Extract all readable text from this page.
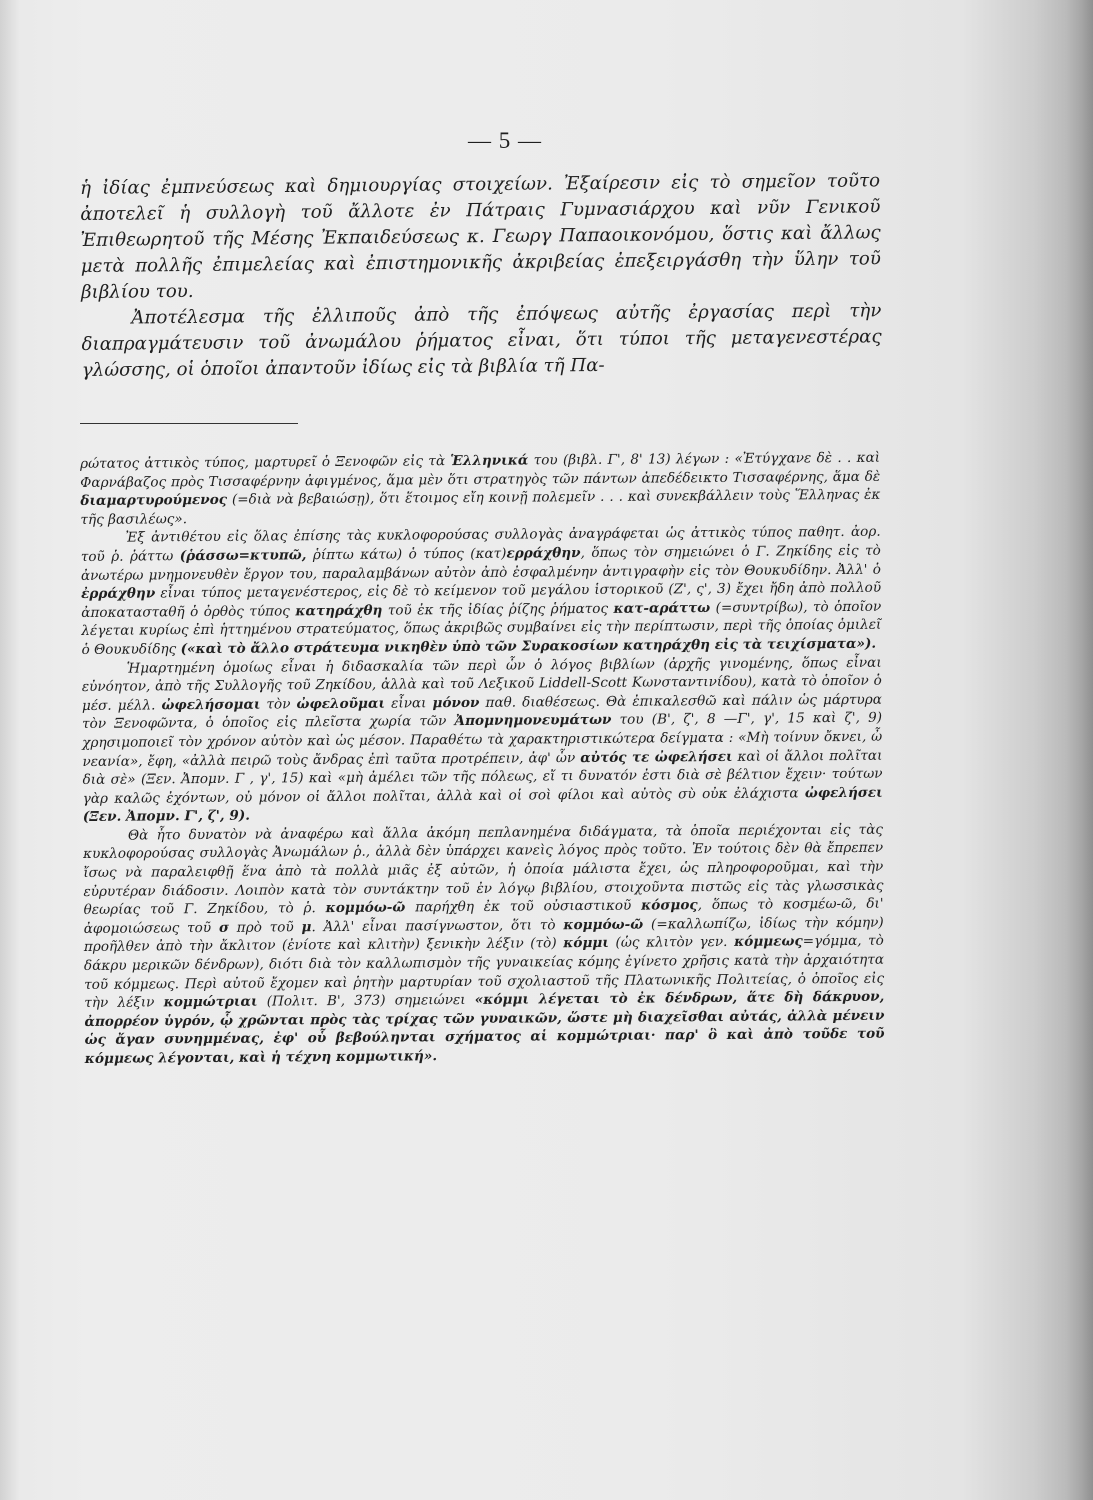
— 5 —

ἡ ἰδίας ἐμπνεύσεως καὶ δημιουργίας στοιχείων. Ἐξαίρεσιν εἰς τὸ σημεῖον τοῦτο ἀποτελεῖ ἡ συλλογὴ τοῦ ἄλλοτε ἐν Πάτραις Γυμνασιάρχου καὶ νῦν Γενικοῦ Ἐπιθεωρητοῦ τῆς Μέσης Ἐκπαιδεύσεως κ. Γεωργ Παπαοικονόμου, ὅστις καὶ ἄλλως μετὰ πολλῆς ἐπιμελείας καὶ ἐπιστημονικῆς ἀκριβείας ἐπεξειργάσθη τὴν ὕλην τοῦ βιβλίου του.

Ἀποτέλεσμα τῆς ἐλλιποῦς ἀπὸ τῆς ἐπόψεως αὐτῆς ἐργασίας περὶ τὴν διαπραγμάτευσιν τοῦ ἀνωμάλου ῥήματος εἶναι, ὅτι τύποι τῆς μεταγενεστέρας γλώσσης, οἱ ὁποῖοι ἀπαντοῦν ἰδίως εἰς τὰ βιβλία τῆ Πα-

ρώτατος ἀττικὸς τύπος, μαρτυρεῖ ὁ Ξενοφῶν εἰς τὰ Ἑλληνικά του (βιβλ. Γ', 8' 13) λέγων : «Ἐτύγχανε δὲ . . καὶ Φαρνάβαζος πρὸς Τισσαφέρνην ἀφιγμένος, ἅμα μὲν ὅτι στρατηγὸς τῶν πάντων ἀπεδέδεικτο Τισσαφέρνης, ἅμα δὲ διαμαρτυρούμενος (=διὰ νὰ βεβαιώσῃ), ὅτι ἕτοιμος εἴη κοινῇ πολεμεῖν . . . καὶ συνεκβάλλειν τοὺς Ἕλληνας ἐκ τῆς βασιλέως».

Ἐξ ἀντιθέτου εἰς ὅλας ἐπίσης τὰς κυκλοφορούσας συλλογὰς ἀναγράφεται ὡς ἀττικὸς τύπος παθητ. ἀορ. τοῦ ῥ. ῥάττω (ῥάσσω=κτυπῶ, ῥίπτω κάτω) ὁ τύπος (κατ)ερράχθην, ὅπως τὸν σημειώνει ὁ Γ. Ζηκίδης εἰς τὸ ἀνωτέρω μνημονευθὲν ἔργον του, παραλαμβάνων αὐτὸν ἀπὸ ἐσφαλμένην ἀντιγραφὴν εἰς τὸν Θουκυδίδην. Ἀλλ' ὁ ἐρράχθην εἶναι τύπος μεταγενέστερος, εἰς δὲ τὸ κείμενον τοῦ μεγάλου ἱστορικοῦ (Ζ', ς', 3) ἔχει ἤδη ἀπὸ πολλοῦ ἀποκατασταθῆ ὁ ὀρθὸς τύπος κατηράχθη τοῦ ἐκ τῆς ἰδίας ῥίζης ῥήματος κατ-αράττω (=συντρίβω), τὸ ὁποῖον λέγεται κυρίως ἐπὶ ἡττημένου στρατεύματος, ὅπως ἀκριβῶς συμβαίνει εἰς τὴν περίπτωσιν, περὶ τῆς ὁποίας ὁμιλεῖ ὁ Θουκυδίδης («καὶ τὸ ἄλλο στράτευμα νικηθὲν ὑπὸ τῶν Συρακοσίων κατηράχθη εἰς τὰ τειχίσματα»).

Ἡμαρτημένη ὁμοίως εἶναι ἡ διδασκαλία τῶν περὶ ὧν ὁ λόγος βιβλίων (ἀρχῆς γινομένης, ὅπως εἶναι εὐνόητον, ἀπὸ τῆς Συλλογῆς τοῦ Ζηκίδου, ἀλλὰ καὶ τοῦ Λεξικοῦ Liddell-Scott Κωνσταντινίδου), κατὰ τὸ ὁποῖον ὁ μέσ. μέλλ. ὠφελήσομαι τὸν ὠφελοῦμαι εἶναι μόνον παθ. διαθέσεως. Θὰ ἐπικαλεσθῶ καὶ πάλιν ὡς μάρτυρα τὸν Ξενοφῶντα, ὁ ὁποῖος εἰς πλεῖστα χωρία τῶν Ἀπομνημονευμάτων του (Β', ζ', 8 —Γ', γ', 15 καὶ ζ', 9) χρησιμοποιεῖ τὸν χρόνον αὐτὸν καὶ ὡς μέσον. Παραθέτω τὰ χαρακτηριστικώτερα δείγματα : «Μὴ τοίνυν ὄκνει, ὦ νεανία», ἔφη, «ἀλλὰ πειρῶ τοὺς ἄνδρας ἐπὶ ταῦτα προτρέπειν, ἀφ' ὧν αὐτός τε ὠφελήσει καὶ οἱ ἄλλοι πολῖται διὰ σὲ» (Ξεν. Ἀπομν. Γ , γ', 15) καὶ «μὴ ἀμέλει τῶν τῆς πόλεως, εἴ τι δυνατόν ἐστι διὰ σὲ βέλτιον ἔχειν· τούτων γὰρ καλῶς ἐχόντων, οὐ μόνον οἱ ἄλλοι πολῖται, ἀλλὰ καὶ οἱ σοὶ φίλοι καὶ αὐτὸς σὺ οὐκ ἐλάχιστα ὠφελήσει (Ξεν. Ἀπομν. Γ', ζ', 9).

Θὰ ἦτο δυνατὸν νὰ ἀναφέρω καὶ ἄλλα ἀκόμη πεπλανημένα διδάγματα, τὰ ὁποῖα περιέχονται εἰς τὰς κυκλοφορούσας συλλογὰς Ἀνωμάλων ῥ., ἀλλὰ δὲν ὑπάρχει κανεὶς λόγος πρὸς τοῦτο. Ἐν τούτοις δὲν θὰ ἔπρεπεν ἴσως νὰ παραλειφθῇ ἕνα ἀπὸ τὰ πολλὰ μιᾶς ἐξ αὐτῶν, ἡ ὁποία μάλιστα ἔχει, ὡς πληροφοροῦμαι, καὶ τὴν εὐρυτέραν διάδοσιν. Λοιπὸν κατὰ τὸν συντάκτην τοῦ ἐν λόγῳ βιβλίου, στοιχοῦντα πιστῶς εἰς τὰς γλωσσικὰς θεωρίας τοῦ Γ. Ζηκίδου, τὸ ῥ. κομμόω-ῶ παρήχθη ἐκ τοῦ οὐσιαστικοῦ κόσμος, ὅπως τὸ κοσμέω-ῶ, δι' ἀφομοιώσεως τοῦ σ πρὸ τοῦ μ. Ἀλλ' εἶναι πασίγνωστον, ὅτι τὸ κομμόω-ῶ (=καλλωπίζω, ἰδίως τὴν κόμην) προῆλθεν ἀπὸ τὴν ἄκλιτον (ἐνίοτε καὶ κλιτὴν) ξενικὴν λέξιν (τὸ) κόμμι (ὡς κλιτὸν γεν. κόμμεως=γόμμα, τὸ δάκρυ μερικῶν δένδρων), διότι διὰ τὸν καλλωπισμὸν τῆς γυναικείας κόμης ἐγίνετο χρῆσις κατὰ τὴν ἀρχαιότητα τοῦ κόμμεως. Περὶ αὐτοῦ ἔχομεν καὶ ῥητὴν μαρτυρίαν τοῦ σχολιαστοῦ τῆς Πλατωνικῆς Πολιτείας, ὁ ὁποῖος εἰς τὴν λέξιν κομμώτριαι (Πολιτ. Β', 373) σημειώνει «κόμμι λέγεται τὸ ἐκ δένδρων, ἅτε δὴ δάκρυον, ἀπορρέον ὑγρόν, ᾧ χρῶνται πρὸς τὰς τρίχας τῶν γυναικῶν, ὥστε μὴ διαχεῖσθαι αὐτάς, ἀλλὰ μένειν ὡς ἄγαν συνημμένας, ἐφ' οὗ βεβούληνται σχήματος αἱ κομμώτριαι· παρ' ὃ καὶ ἀπὸ τοῦδε τοῦ κόμμεως λέγονται, καὶ ἡ τέχνη κομμωτική».
